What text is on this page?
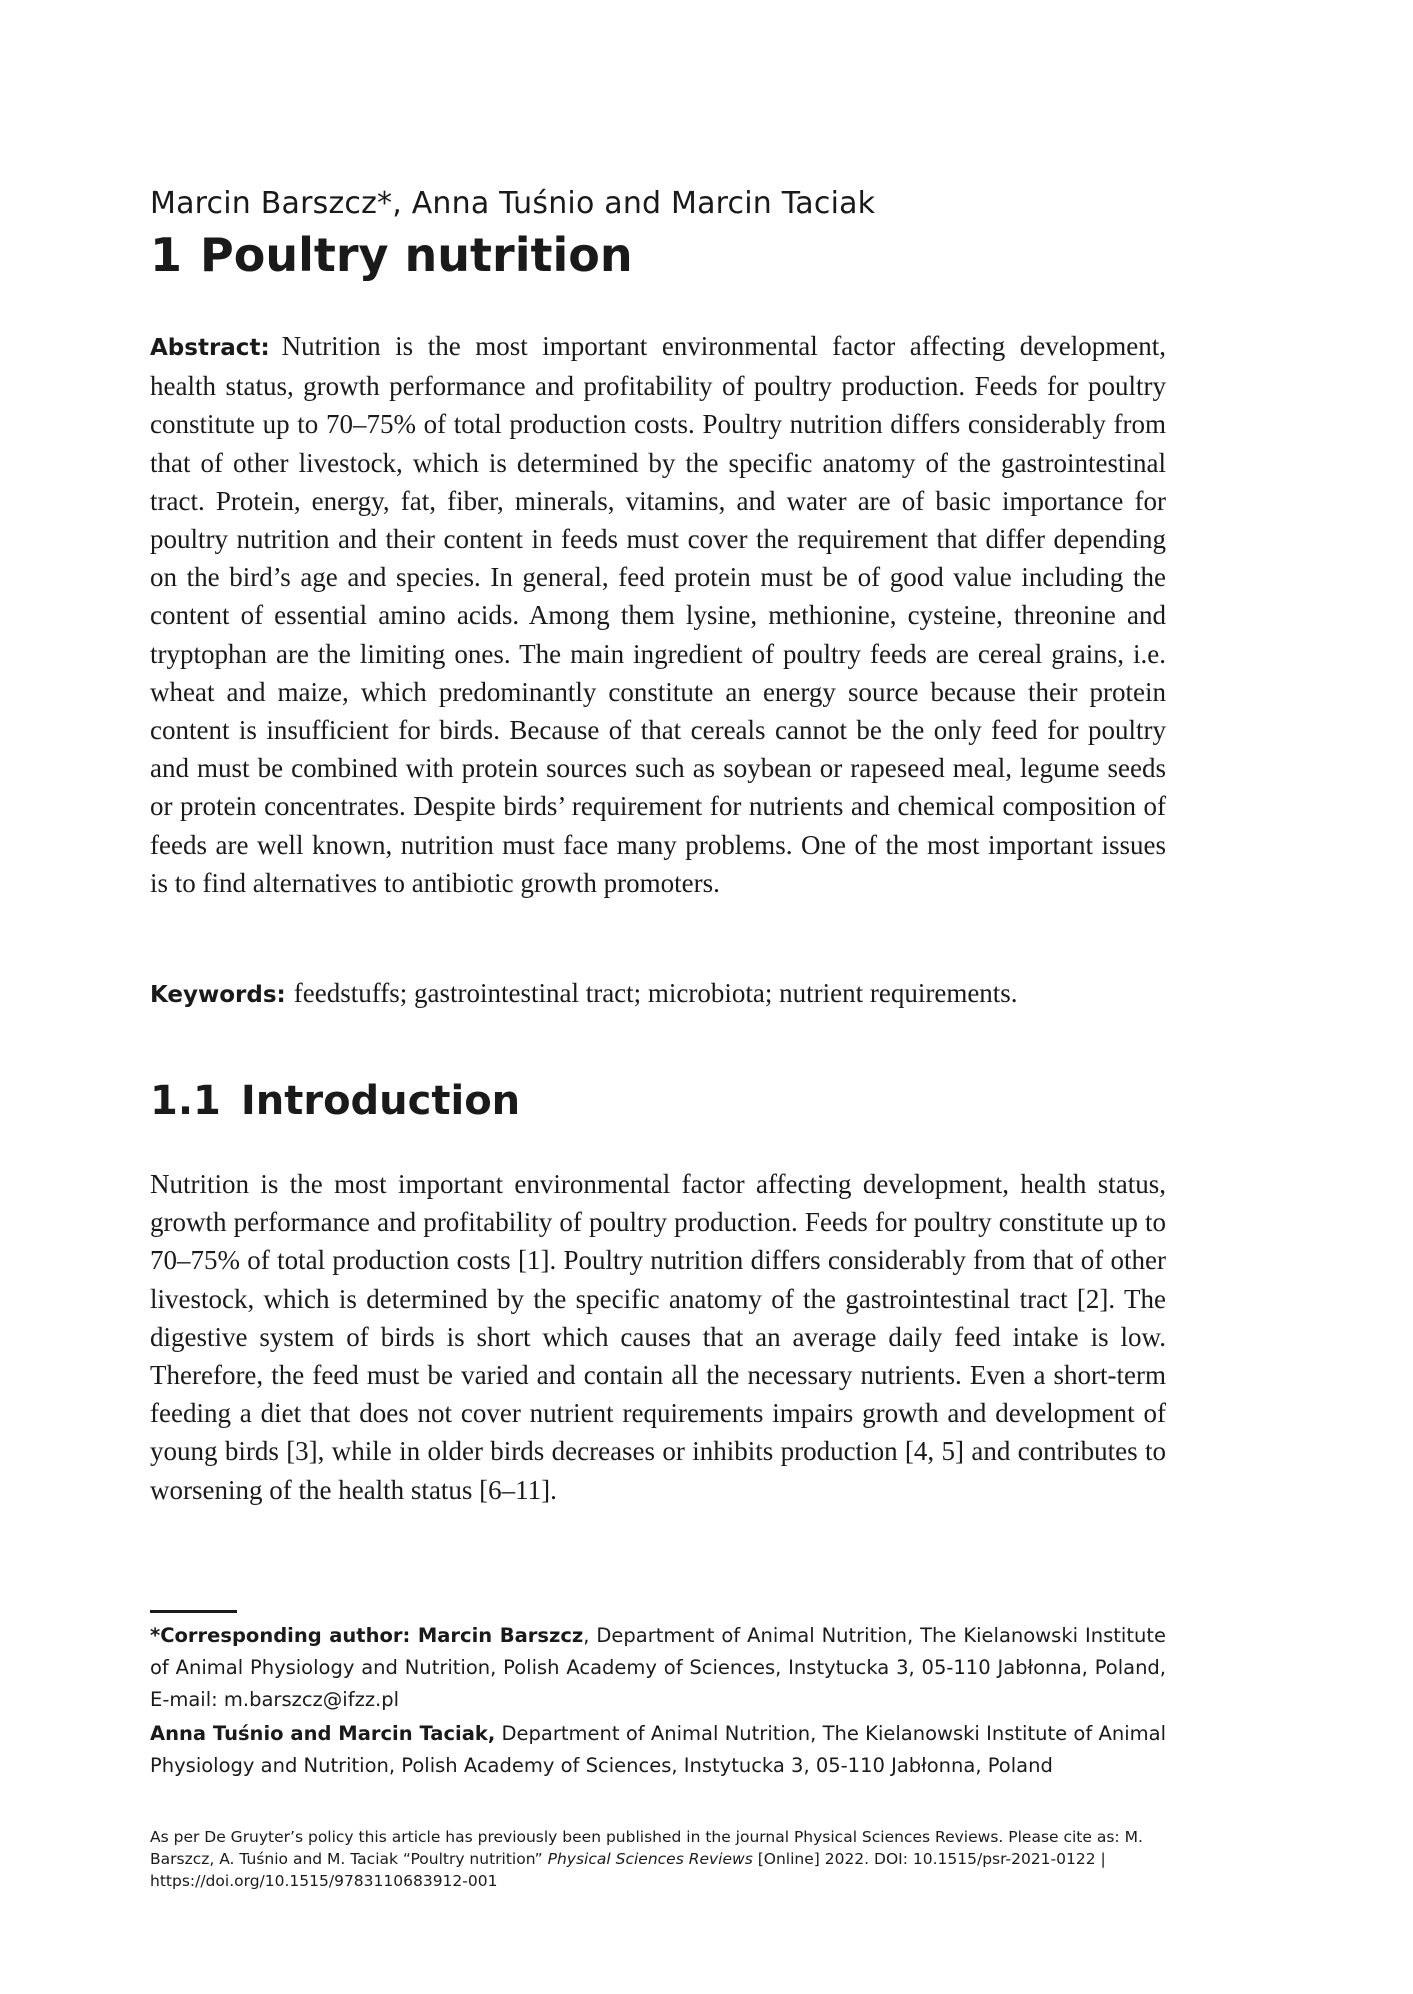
Marcin Barszcz*, Anna Tuśnio and Marcin Taciak
1 Poultry nutrition

Abstract: Nutrition is the most important environmental factor affecting development, health status, growth performance and profitability of poultry production. Feeds for poultry constitute up to 70–75% of total production costs. Poultry nutrition differs considerably from that of other livestock, which is determined by the specific anatomy of the gastrointestinal tract. Protein, energy, fat, fiber, minerals, vitamins, and water are of basic importance for poultry nutrition and their content in feeds must cover the requirement that differ depending on the bird’s age and species. In general, feed protein must be of good value including the content of essential amino acids. Among them lysine, methionine, cysteine, threonine and tryptophan are the limiting ones. The main ingredient of poultry feeds are cereal grains, i.e. wheat and maize, which predominantly constitute an energy source because their protein content is insufficient for birds. Because of that cereals cannot be the only feed for poultry and must be combined with protein sources such as soybean or rapeseed meal, legume seeds or protein concentrates. Despite birds’ requirement for nutrients and chemical composition of feeds are well known, nutrition must face many problems. One of the most important issues is to find alternatives to antibiotic growth promoters.

Keywords: feedstuffs; gastrointestinal tract; microbiota; nutrient requirements.

1.1 Introduction

Nutrition is the most important environmental factor affecting development, health status, growth performance and profitability of poultry production. Feeds for poultry constitute up to 70–75% of total production costs [1]. Poultry nutrition differs considerably from that of other livestock, which is determined by the specific anatomy of the gastrointestinal tract [2]. The digestive system of birds is short which causes that an average daily feed intake is low. Therefore, the feed must be varied and contain all the necessary nutrients. Even a short-term feeding a diet that does not cover nutrient requirements impairs growth and development of young birds [3], while in older birds decreases or inhibits production [4, 5] and contributes to worsening of the health status [6–11].

*Corresponding author: Marcin Barszcz, Department of Animal Nutrition, The Kielanowski Institute of Animal Physiology and Nutrition, Polish Academy of Sciences, Instytucka 3, 05-110 Jabłonna, Poland, E-mail: m.barszcz@ifzz.pl

Anna Tuśnio and Marcin Taciak, Department of Animal Nutrition, The Kielanowski Institute of Animal Physiology and Nutrition, Polish Academy of Sciences, Instytucka 3, 05-110 Jabłonna, Poland

As per De Gruyter’s policy this article has previously been published in the journal Physical Sciences Reviews. Please cite as: M. Barszcz, A. Tuśnio and M. Taciak “Poultry nutrition” Physical Sciences Reviews [Online] 2022. DOI: 10.1515/psr-2021-0122 | https://doi.org/10.1515/9783110683912-001
